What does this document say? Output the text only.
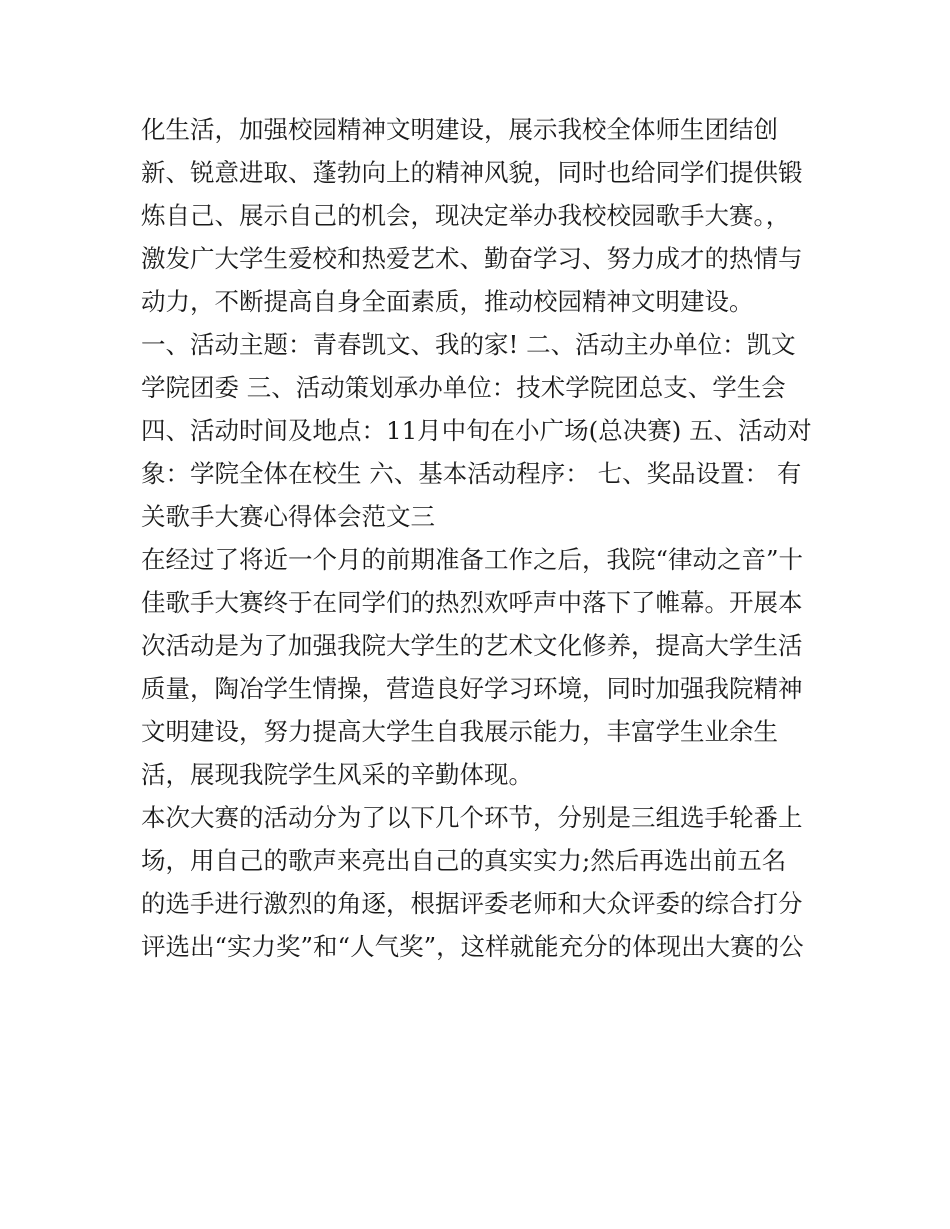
化生活，加强校园精神文明建设，展示我校全体师生团结创
新、锐意进取、蓬勃向上的精神风貌，同时也给同学们提供锻
炼自己、展示自己的机会，现决定举办我校校园歌手大赛。，
激发广大学生爱校和热爱艺术、勤奋学习、努力成才的热情与
动力，不断提高自身全面素质，推动校园精神文明建设。
一、活动主题：青春凯文、我的家! 二、活动主办单位：凯文
学院团委 三、活动策划承办单位：技术学院团总支、学生会
四、活动时间及地点：11月中旬在小广场(总决赛) 五、活动对
象：学院全体在校生 六、基本活动程序： 七、奖品设置： 有
关歌手大赛心得体会范文三
在经过了将近一个月的前期准备工作之后，我院“律动之音”十
佳歌手大赛终于在同学们的热烈欢呼声中落下了帷幕。开展本
次活动是为了加强我院大学生的艺术文化修养，提高大学生活
质量，陶冶学生情操，营造良好学习环境，同时加强我院精神
文明建设，努力提高大学生自我展示能力，丰富学生业余生
活，展现我院学生风采的辛勤体现。
本次大赛的活动分为了以下几个环节，分别是三组选手轮番上
场，用自己的歌声来亮出自己的真实实力;然后再选出前五名
的选手进行激烈的角逐，根据评委老师和大众评委的综合打分
评选出“实力奖”和“人气奖”，这样就能充分的体现出大赛的公
